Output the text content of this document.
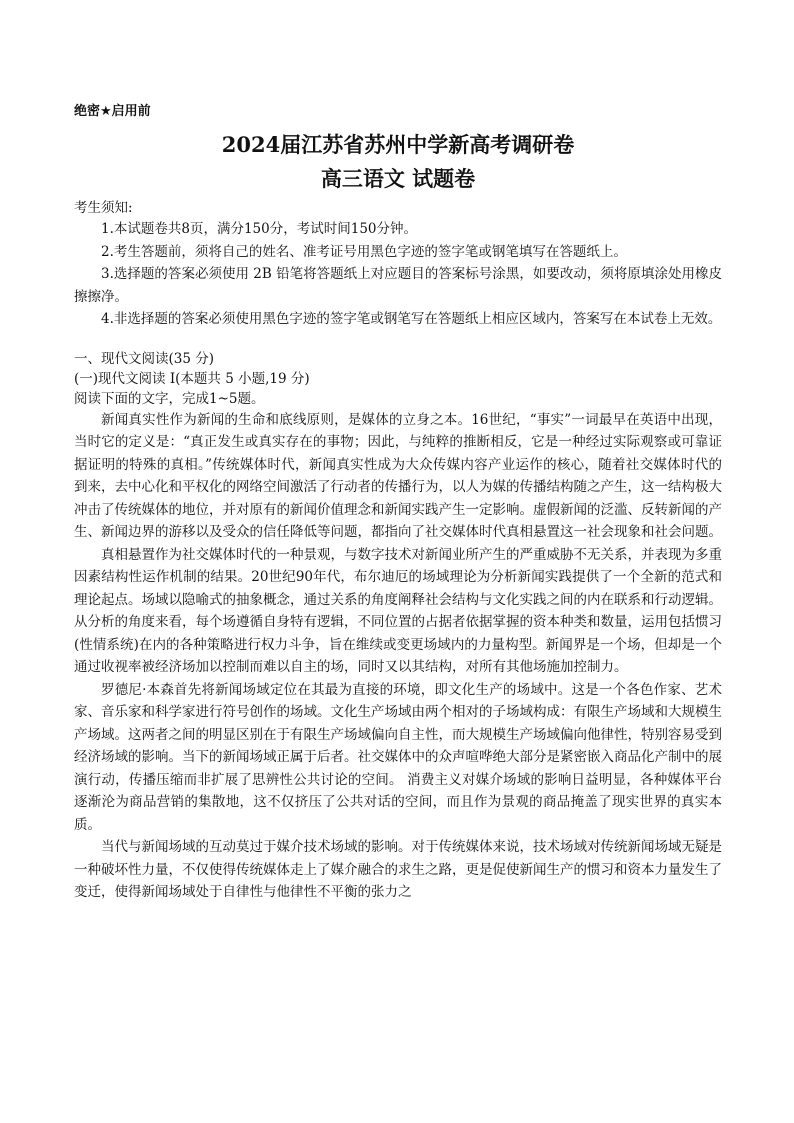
绝密★启用前

2024届江苏省苏州中学新高考调研卷
高三语文 试题卷

考生须知:

1.本试题卷共8页，满分150分，考试时间150分钟。

2.考生答题前，须将自己的姓名、准考证号用黑色字迹的签字笔或钢笔填写在答题纸上。

3.选择题的答案必须使用 2B 铅笔将答题纸上对应题目的答案标号涂黑，如要改动，须将原填涂处用橡皮擦擦净。

4.非选择题的答案必须使用黑色字迹的签字笔或钢笔写在答题纸上相应区域内，答案写在本试卷上无效。

一、现代文阅读(35 分)

(一)现代文阅读 Ⅰ(本题共 5 小题,19 分)

阅读下面的文字，完成1~5题。

新闻真实性作为新闻的生命和底线原则，是媒体的立身之本。16世纪，“事实”一词最早在英语中出现，当时它的定义是：“真正发生或真实存在的事物；因此，与纯粹的推断相反，它是一种经过实际观察或可靠证据证明的特殊的真相。”传统媒体时代，新闻真实性成为大众传媒内容产业运作的核心，随着社交媒体时代的到来，去中心化和平权化的网络空间激活了行动者的传播行为，以人为媒的传播结构随之产生，这一结构极大冲击了传统媒体的地位，并对原有的新闻价值理念和新闻实践产生一定影响。虚假新闻的泛滥、反转新闻的产生、新闻边界的游移以及受众的信任降低等问题，都指向了社交媒体时代真相悬置这一社会现象和社会问题。

真相悬置作为社交媒体时代的一种景观，与数字技术对新闻业所产生的严重威胁不无关系，并表现为多重因素结构性运作机制的结果。20世纪90年代，布尔迪厄的场域理论为分析新闻实践提供了一个全新的范式和理论起点。场域以隐喻式的抽象概念，通过关系的角度阐释社会结构与文化实践之间的内在联系和行动逻辑。从分析的角度来看，每个场遵循自身特有逻辑，不同位置的占据者依据掌握的资本种类和数量，运用包括惯习(性情系统)在内的各种策略进行权力斗争，旨在维续或变更场域内的力量构型。新闻界是一个场，但却是一个通过收视率被经济场加以控制而难以自主的场，同时又以其结构，对所有其他场施加控制力。

罗德尼·本森首先将新闻场域定位在其最为直接的环境，即文化生产的场域中。这是一个各色作家、艺术家、音乐家和科学家进行符号创作的场域。文化生产场域由两个相对的子场域构成：有限生产场域和大规模生产场域。这两者之间的明显区别在于有限生产场域偏向自主性，而大规模生产场域偏向他律性，特别容易受到经济场域的影响。当下的新闻场域正属于后者。社交媒体中的众声喧哗绝大部分是紧密嵌入商品化产制中的展演行动，传播压缩而非扩展了思辨性公共讨论的空间。 消费主义对媒介场域的影响日益明显，各种媒体平台逐渐沦为商品营销的集散地，这不仅挤压了公共对话的空间，而且作为景观的商品掩盖了现实世界的真实本质。

当代与新闻场域的互动莫过于媒介技术场域的影响。对于传统媒体来说，技术场域对传统新闻场域无疑是一种破坏性力量，不仅使得传统媒体走上了媒介融合的求生之路，更是促使新闻生产的惯习和资本力量发生了变迁，使得新闻场域处于自律性与他律性不平衡的张力之
